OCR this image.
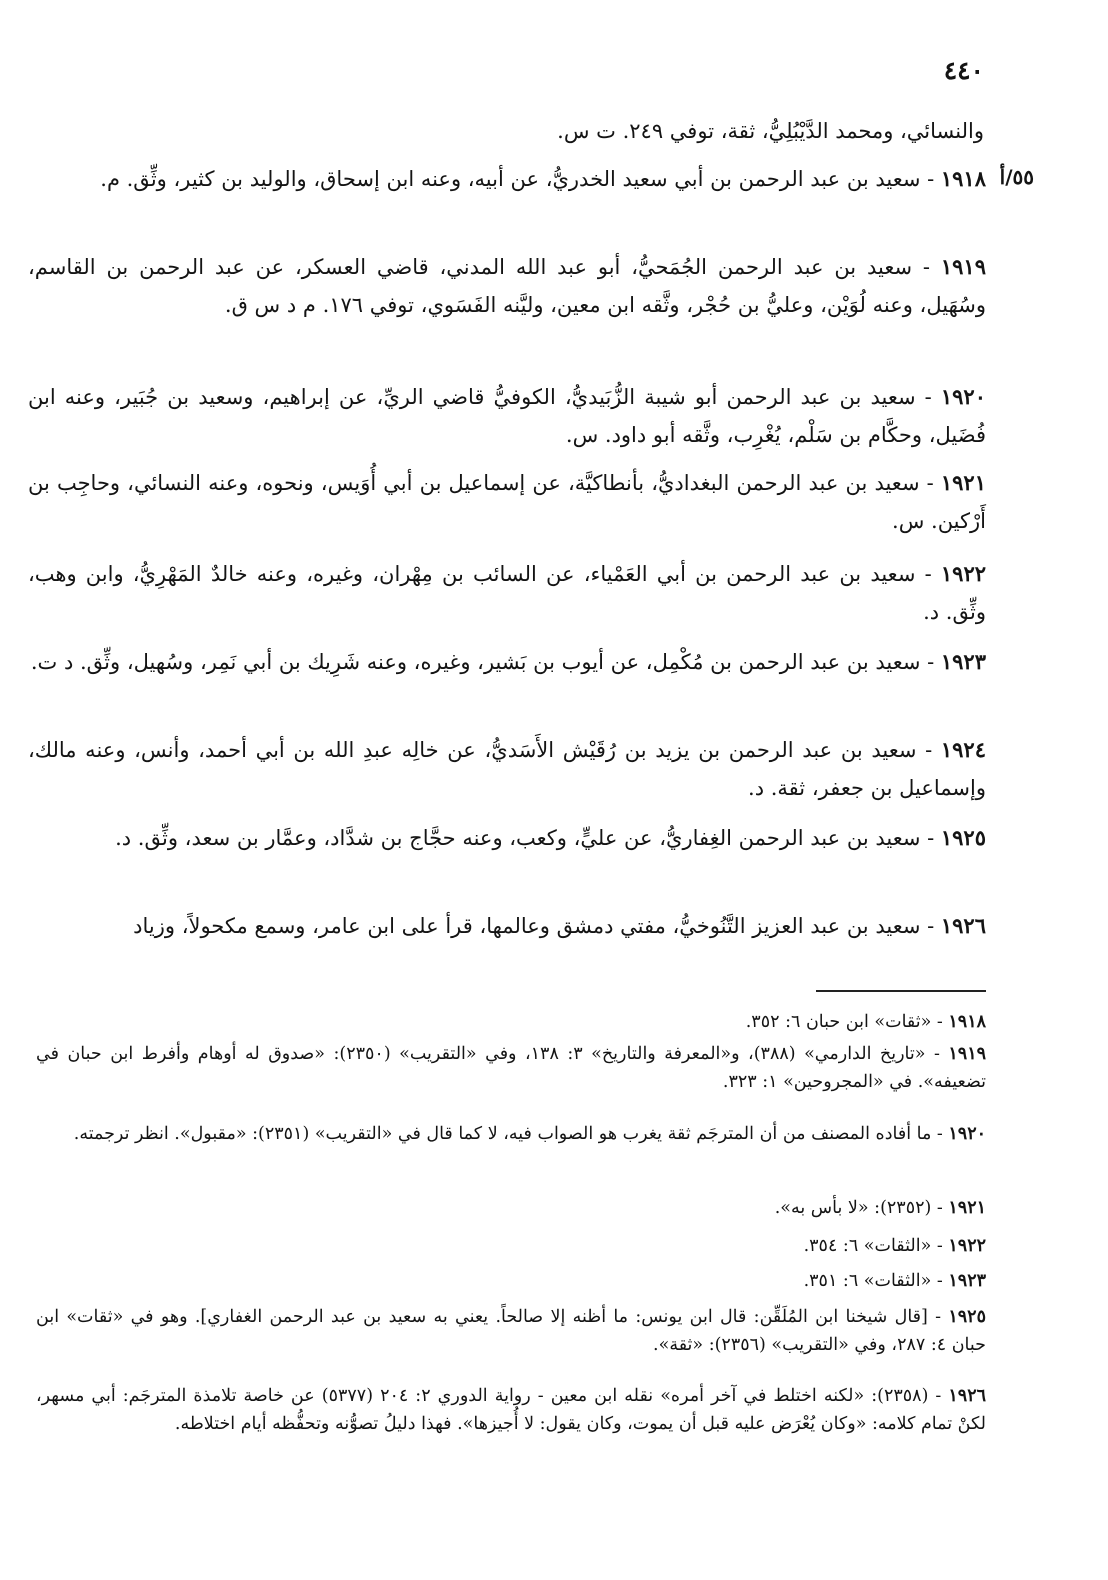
٤٤٠
والنسائي، ومحمد الدَّيْبُلِيُّ، ثقة، توفي ٢٤٩. ت س.
٥٥/أ
١٩١٨ - سعيد بن عبد الرحمن بن أبي سعيد الخدريُّ، عن أبيه، وعنه ابن إسحاق، والوليد بن كثير، وثِّق. م.
١٩١٩ - سعيد بن عبد الرحمن الجُمَحيُّ، أبو عبد الله المدني، قاضي العسكر، عن عبد الرحمن بن القاسم، وسُهَيل، وعنه لُوَيْن، وعليُّ بن حُجْر، وثَّقه ابن معين، وليَّنه الفَسَوي، توفي ١٧٦. م د س ق.
١٩٢٠ - سعيد بن عبد الرحمن أبو شيبة الزُّبَيديُّ، الكوفيُّ قاضي الريِّ، عن إبراهيم، وسعيد بن جُبَير، وعنه ابن فُضَيل، وحكَّام بن سَلْم، يُغْرِب، وثَّقه أبو داود. س.
١٩٢١ - سعيد بن عبد الرحمن البغداديُّ، بأنطاكيَّة، عن إسماعيل بن أبي أُوَيس، ونحوه، وعنه النسائي، وحاجِب بن أَرْكين. س.
١٩٢٢ - سعيد بن عبد الرحمن بن أبي العَمْياء، عن السائب بن مِهْران، وغيره، وعنه خالدٌ المَهْرِيُّ، وابن وهب، وثِّق. د.
١٩٢٣ - سعيد بن عبد الرحمن بن مُكْمِل، عن أيوب بن بَشير، وغيره، وعنه شَرِيك بن أبي نَمِر، وسُهيل، وثِّق. د ت.
١٩٢٤ - سعيد بن عبد الرحمن بن يزيد بن رُقَيْش الأَسَديُّ، عن خالِه عبدِ الله بن أبي أحمد، وأنس، وعنه مالك، وإسماعيل بن جعفر، ثقة. د.
١٩٢٥ - سعيد بن عبد الرحمن الغِفاريُّ، عن عليٍّ، وكعب، وعنه حجَّاج بن شدَّاد، وعمَّار بن سعد، وثِّق. د.
١٩٢٦ - سعيد بن عبد العزيز التَّنُوخيُّ، مفتي دمشق وعالمها، قرأ على ابن عامر، وسمع مكحولاً، وزياد
١٩١٨ - «ثقات» ابن حبان ٦: ٣٥٢.
١٩١٩ - «تاريخ الدارمي» (٣٨٨)، و«المعرفة والتاريخ» ٣: ١٣٨، وفي «التقريب» (٢٣٥٠): «صدوق له أوهام وأفرط ابن حبان في تضعيفه». في «المجروحين» ١: ٣٢٣.
١٩٢٠ - ما أفاده المصنف من أن المترجَم ثقة يغرب هو الصواب فيه، لا كما قال في «التقريب» (٢٣٥١): «مقبول». انظر ترجمته.
١٩٢١ - (٢٣٥٢): «لا بأس به».
١٩٢٢ - «الثقات» ٦: ٣٥٤.
١٩٢٣ - «الثقات» ٦: ٣٥١.
١٩٢٥ - [قال شيخنا ابن المُلَقِّن: قال ابن يونس: ما أظنه إلا صالحاً. يعني به سعيد بن عبد الرحمن الغفاري]. وهو في «ثقات» ابن حبان ٤: ٢٨٧، وفي «التقريب» (٢٣٥٦): «ثقة».
١٩٢٦ - (٢٣٥٨): «لكنه اختلط في آخر أمره» نقله ابن معين - رواية الدوري ٢: ٢٠٤ (٥٣٧٧) عن خاصة تلامذة المترجَم: أبي مسهر، لكنْ تمام كلامه: «وكان يُعْرَض عليه قبل أن يموت، وكان يقول: لا أُجيزها». فهذا دليلُ تصوُّنه وتحفُّظه أيام اختلاطه.
